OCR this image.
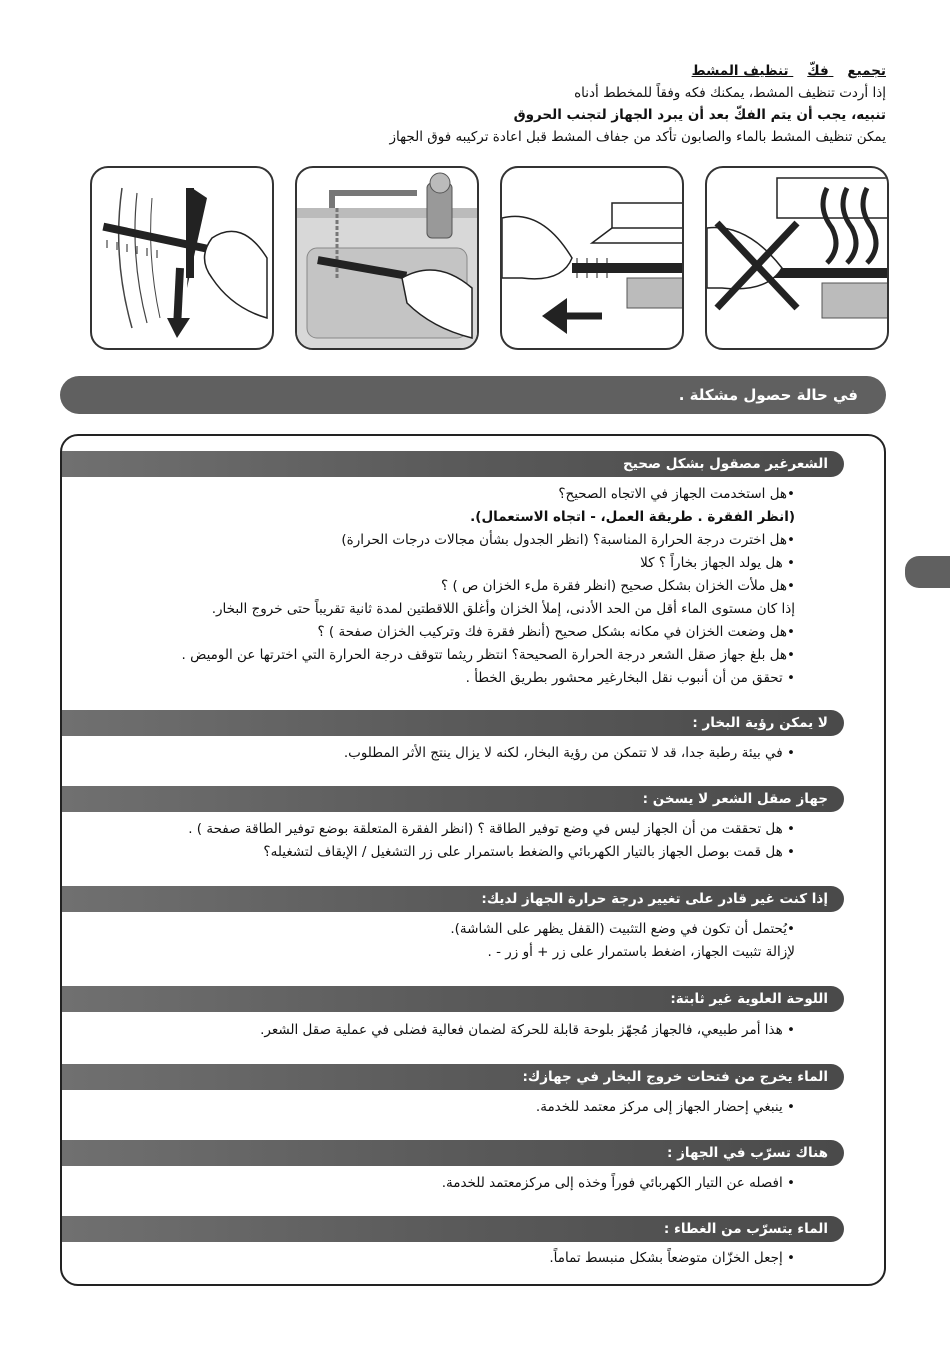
تجميع فكّ تنظيف المشط
إذا أردت تنظيف المشط، يمكنك فكه وفقاً للمخطط أدناه
تنبيه، يجب أن يتم الفكّ بعد أن يبرد الجهاز لتجنب الحروق
يمكن تنظيف المشط بالماء والصابون تأكد من جفاف المشط قبل اعادة تركيبه فوق الجهاز
في حالة حصول مشكلة .
الشعرغير مصقول بشكل صحيح
•هل استخدمت الجهاز في الاتجاه الصحيح؟
(انظر الفقرة . طريقة العمل، - اتجاه الاستعمال).
•هل اخترت درجة الحرارة المناسبة؟ (انظر الجدول بشأن مجالات درجات الحرارة)
• هل يولد الجهاز بخاراً ؟ كلا
•هل ملأت الخزان بشكل صحيح (انظر فقرة ملء الخزان ص ) ؟
إذا كان مستوى الماء أقل من الحد الأدنى، إملأ الخزان وأغلق اللاقطتين لمدة ثانية تقريباً حتى خروج البخار.
•هل وضعت الخزان في مكانه بشكل صحيح (أنظر فقرة فك وتركيب الخزان صفحة ) ؟
•هل بلغ جهاز صقل الشعر درجة الحرارة الصحيحة؟ انتظر ريثما تتوقف درجة الحرارة التي اخترتها عن الوميض .
• تحقق من أن أنبوب نقل البخارغير محشور بطريق الخطأ .
لا يمكن رؤية البخار :
• في بيئة رطبة جدا، قد لا تتمكن من رؤية البخار، لكنه لا يزال ينتج الأثر المطلوب.
جهاز صقل الشعر لا يسخن :
• هل تحققت من أن الجهاز ليس في وضع توفير الطاقة ؟ (انظر الفقرة المتعلقة بوضع توفير الطاقة صفحة ) .
• هل قمت بوصل الجهاز بالتيار الكهربائي والضغط باستمرار على زر التشغيل / الإيقاف لتشغيله؟
إذا كنت غير قادر على تغيير درجة حرارة الجهاز لديك:
•يُحتمل أن تكون في وضع التثبيت (القفل يظهر على الشاشة).
لإزالة تثبيت الجهاز، اضغط باستمرار على زر + أو زر - .
اللوحة العلوية غير ثابتة:
• هذا أمر طبيعي، فالجهاز مُجهّز بلوحة قابلة للحركة لضمان فعالية فضلى في عملية صقل الشعر.
الماء يخرج من فتحات خروج البخار في جهازك:
• ينبغي إحضار الجهاز إلى مركز معتمد للخدمة.
هناك تسرّب في الجهاز :
• افصله عن التيار الكهربائي فوراً وخذه إلى مركزمعتمد للخدمة.
الماء يتسرّب من الغطاء :
• إجعل الخزّان متوضعاً بشكل منبسط تماماً.
